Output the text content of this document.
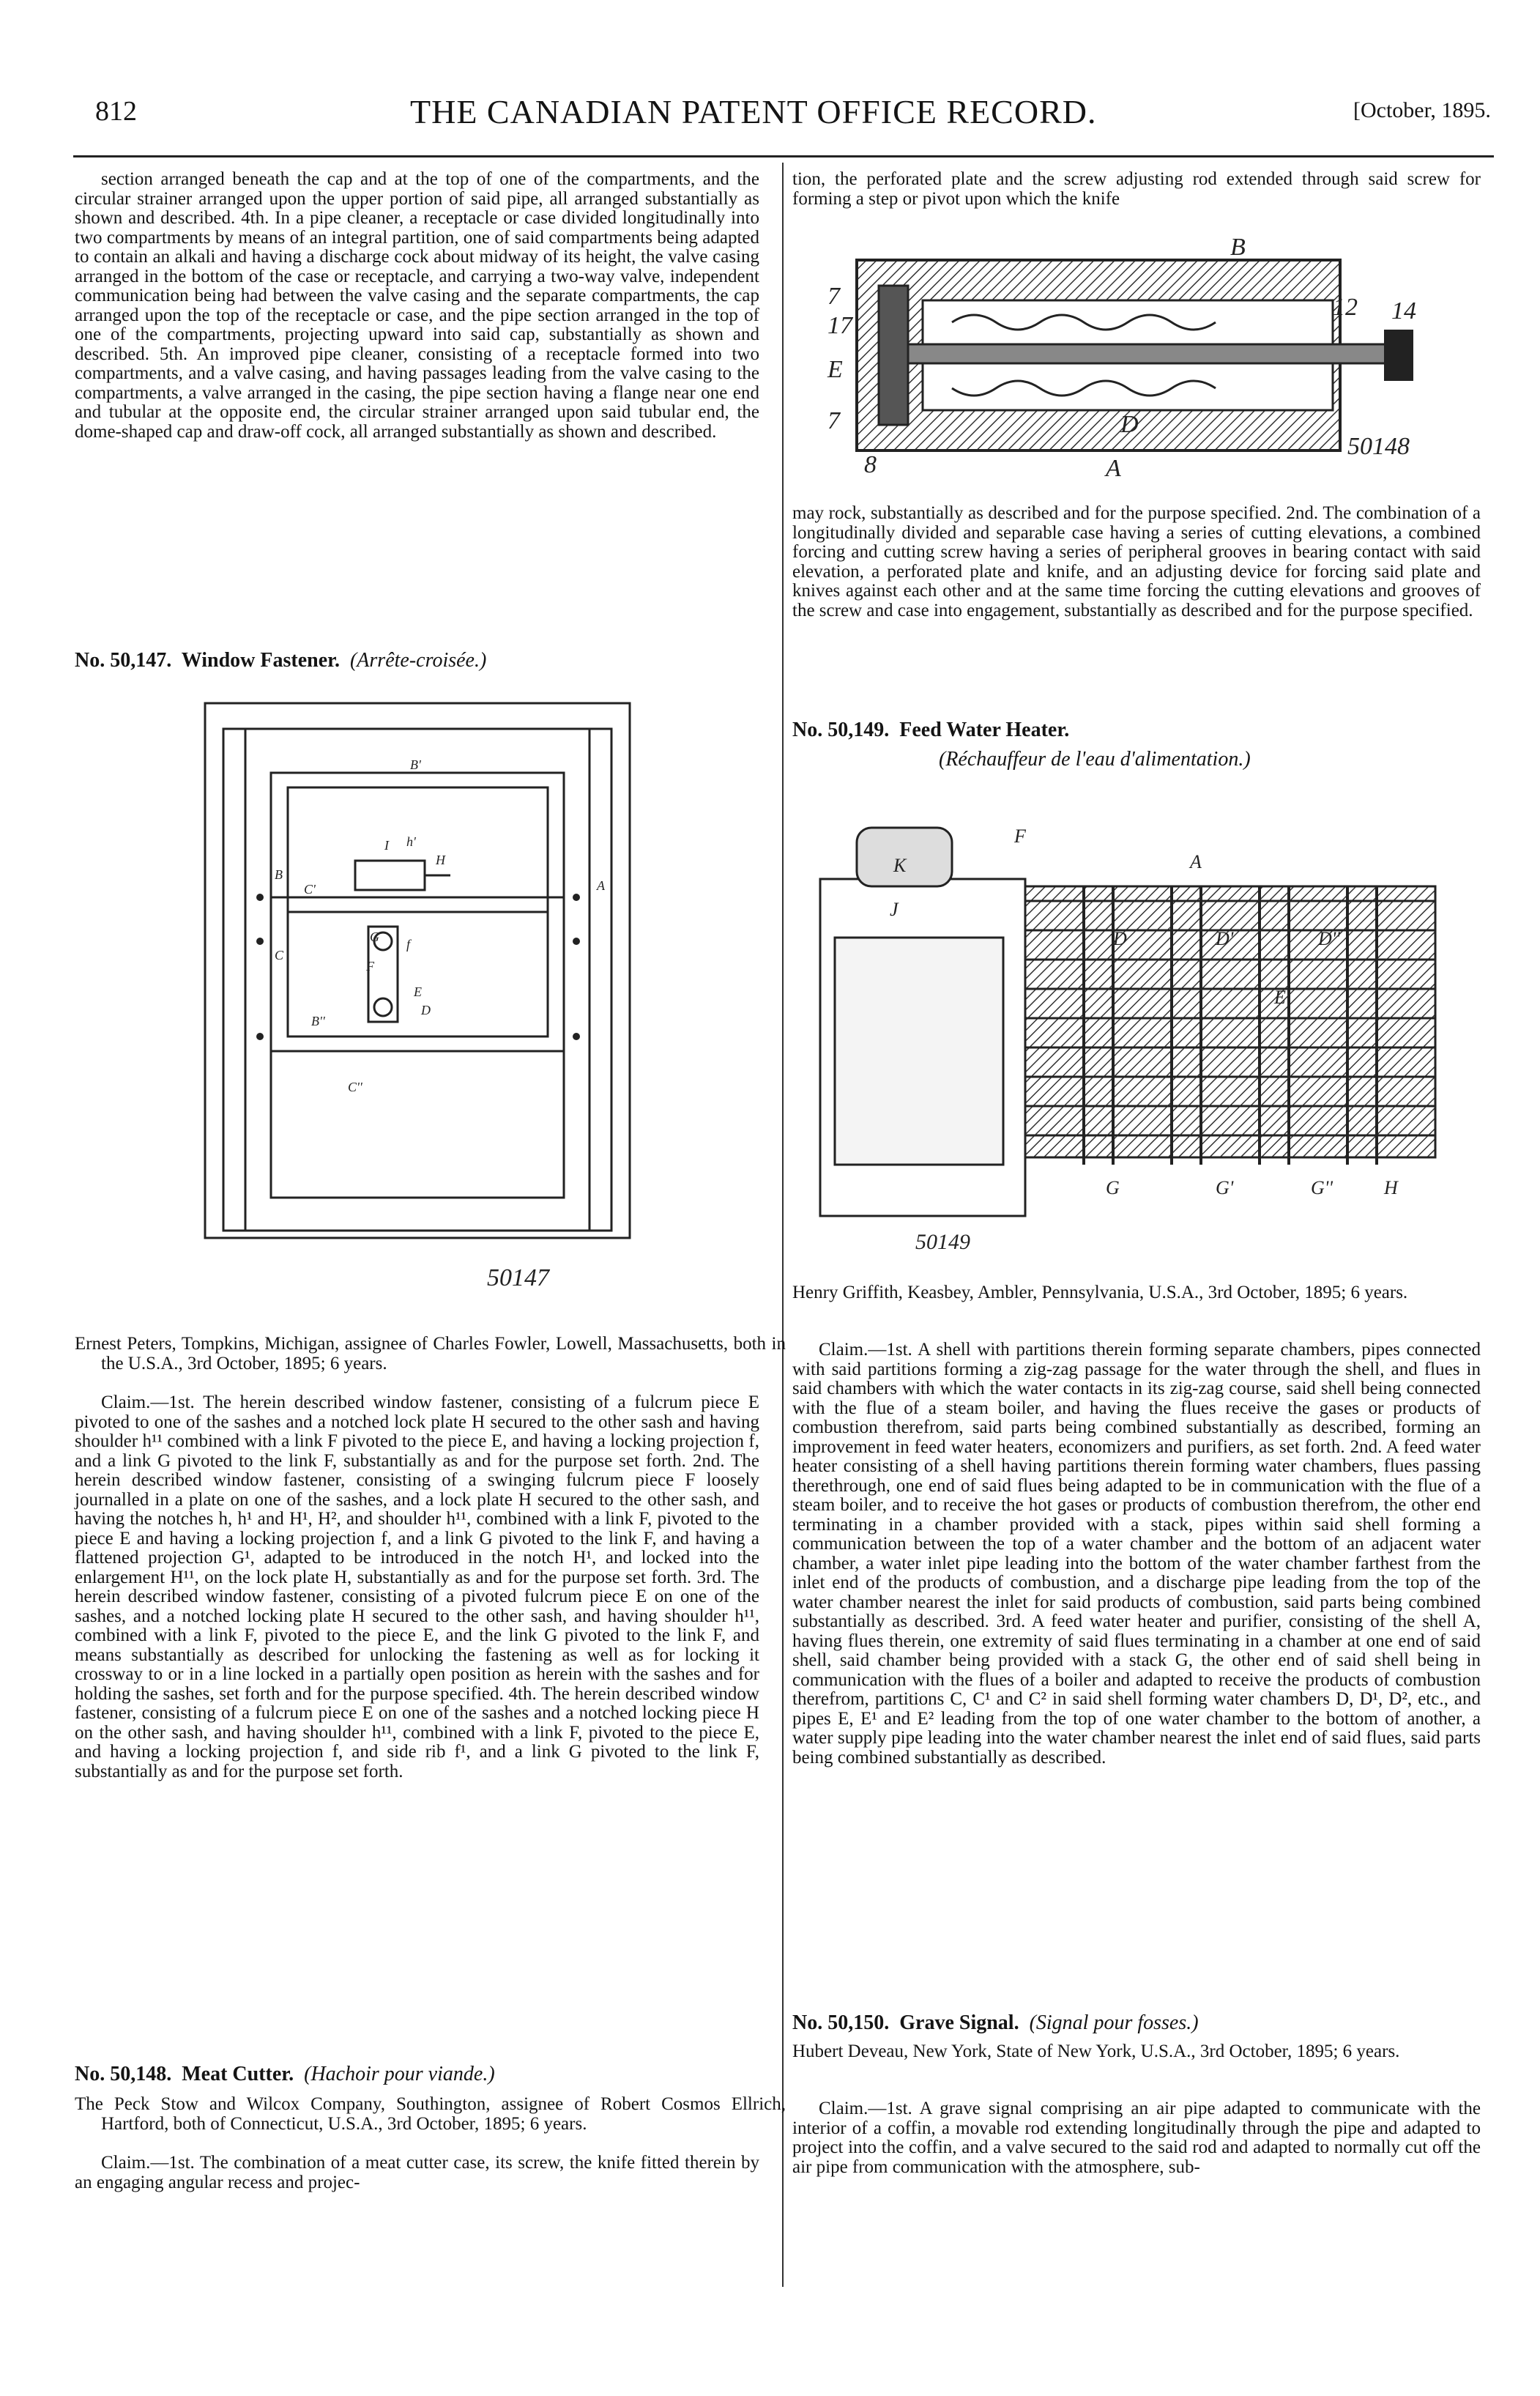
812	THE CANADIAN PATENT OFFICE RECORD.	[October, 1895.
section arranged beneath the cap and at the top of one of the compartments, and the circular strainer arranged upon the upper portion of said pipe, all arranged substantially as shown and described. 4th. In a pipe cleaner, a receptacle or case divided longitudinally into two compartments by means of an integral partition, one of said compartments being adapted to contain an alkali and having a discharge cock about midway of its height, the valve casing arranged in the bottom of the case or receptacle, and carrying a two-way valve, independent communication being had between the valve casing and the separate compartments, the cap arranged upon the top of the receptacle or case, and the pipe section arranged in the top of one of the compartments, projecting upward into said cap, substantially as shown and described. 5th. An improved pipe cleaner, consisting of a receptacle formed into two compartments, and a valve casing, and having passages leading from the valve casing to the compartments, a valve arranged in the casing, the pipe section having a flange near one end and tubular at the opposite end, the circular strainer arranged upon said tubular end, the dome-shaped cap and draw-off cock, all arranged substantially as shown and described.
No. 50,147. Window Fastener. (Arrête-croisée.)
B'
B
A
C
C'
C''
B''
E
F
f
G
H
h'
I
D
50147
Ernest Peters, Tompkins, Michigan, assignee of Charles Fowler, Lowell, Massachusetts, both in the U.S.A., 3rd October, 1895; 6 years.
Claim.—1st. The herein described window fastener, consisting of a fulcrum piece E pivoted to one of the sashes and a notched lock plate H secured to the other sash and having shoulder h¹¹ combined with a link F pivoted to the piece E, and having a locking projection f, and a link G pivoted to the link F, substantially as and for the purpose set forth. 2nd. The herein described window fastener, consisting of a swinging fulcrum piece F loosely journalled in a plate on one of the sashes, and a lock plate H secured to the other sash, and having the notches h, h¹ and H¹, H², and shoulder h¹¹, combined with a link F, pivoted to the piece E and having a locking projection f, and a link G pivoted to the link F, and having a flattened projection G¹, adapted to be introduced in the notch H¹, and locked into the enlargement H¹¹, on the lock plate H, substantially as and for the purpose set forth. 3rd. The herein described window fastener, consisting of a pivoted fulcrum piece E on one of the sashes, and a notched locking plate H secured to the other sash, and having shoulder h¹¹, combined with a link F, pivoted to the piece E, and the link G pivoted to the link F, and means substantially as described for unlocking the fastening as well as for locking it crossway to or in a line locked in a partially open position as herein with the sashes and for holding the sashes, set forth and for the purpose specified. 4th. The herein described window fastener, consisting of a fulcrum piece E on one of the sashes and a notched locking piece H on the other sash, and having shoulder h¹¹, combined with a link F, pivoted to the piece E, and having a locking projection f, and side rib f¹, and a link G pivoted to the link F, substantially as and for the purpose set forth.
No. 50,148. Meat Cutter. (Hachoir pour viande.)
The Peck Stow and Wilcox Company, Southington, assignee of Robert Cosmos Ellrich, Hartford, both of Connecticut, U.S.A., 3rd October, 1895; 6 years.
Claim.—1st. The combination of a meat cutter case, its screw, the knife fitted therein by an engaging angular recess and projec-
tion, the perforated plate and the screw adjusting rod extended through said screw for forming a step or pivot upon which the knife
B
12 14
7
17
E
7
8
D
A
50148
may rock, substantially as described and for the purpose specified. 2nd. The combination of a longitudinally divided and separable case having a series of cutting elevations, a combined forcing and cutting screw having a series of peripheral grooves in bearing contact with said elevation, a perforated plate and knife, and an adjusting device for forcing said plate and knives against each other and at the same time forcing the cutting elevations and grooves of the screw and case into engagement, substantially as described and for the purpose specified.
No. 50,149. Feed Water Heater.
(Réchauffeur de l'eau d'alimentation.)
K
F
J
A
D	D'	D''
E
G	G'	G''	H
50149
Henry Griffith, Keasbey, Ambler, Pennsylvania, U.S.A., 3rd October, 1895; 6 years.
Claim.—1st. A shell with partitions therein forming separate chambers, pipes connected with said partitions forming a zig-zag passage for the water through the shell, and flues in said chambers with which the water contacts in its zig-zag course, said shell being connected with the flue of a steam boiler, and having the flues receive the gases or products of combustion therefrom, said parts being combined substantially as described, forming an improvement in feed water heaters, economizers and purifiers, as set forth. 2nd. A feed water heater consisting of a shell having partitions therein forming water chambers, flues passing therethrough, one end of said flues being adapted to be in communication with the flue of a steam boiler, and to receive the hot gases or products of combustion therefrom, the other end terminating in a chamber provided with a stack, pipes within said shell forming a communication between the top of a water chamber and the bottom of an adjacent water chamber, a water inlet pipe leading into the bottom of the water chamber farthest from the inlet end of the products of combustion, and a discharge pipe leading from the top of the water chamber nearest the inlet for said products of combustion, said parts being combined substantially as described. 3rd. A feed water heater and purifier, consisting of the shell A, having flues therein, one extremity of said flues terminating in a chamber at one end of said shell, said chamber being provided with a stack G, the other end of said shell being in communication with the flues of a boiler and adapted to receive the products of combustion therefrom, partitions C, C¹ and C² in said shell forming water chambers D, D¹, D², etc., and pipes E, E¹ and E² leading from the top of one water chamber to the bottom of another, a water supply pipe leading into the water chamber nearest the inlet end of said flues, said parts being combined substantially as described.
No. 50,150. Grave Signal. (Signal pour fosses.)
Hubert Deveau, New York, State of New York, U.S.A., 3rd October, 1895; 6 years.
Claim.—1st. A grave signal comprising an air pipe adapted to communicate with the interior of a coffin, a movable rod extending longitudinally through the pipe and adapted to project into the coffin, and a valve secured to the said rod and adapted to normally cut off the air pipe from communication with the atmosphere, sub-
